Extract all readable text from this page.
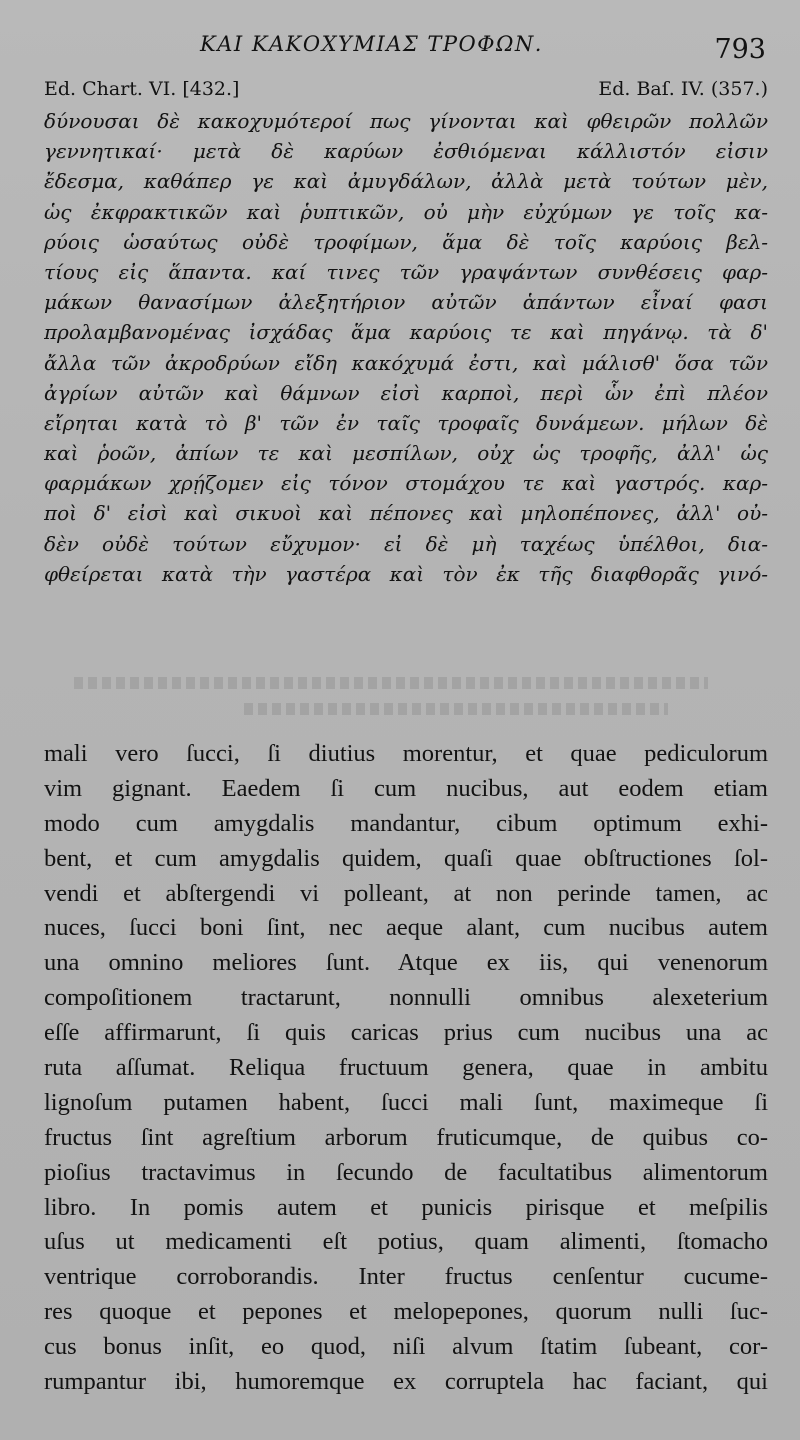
ΚΑΙ ΚΑΚΟΧΥΜΙΑΣ ΤΡΟΦΩΝ.	793
Ed. Chart. VI. [432.]	Ed. Baſ. IV. (357.)
δύνουσαι δὲ κακοχυμότεροί πως γίνονται καὶ φθειρῶν πολλῶν
γεννητικαί· μετὰ δὲ καρύων ἐσθιόμεναι κάλλιστόν εἰσιν
ἔδεσμα, καθάπερ γε καὶ ἀμυγδάλων, ἀλλὰ μετὰ τούτων μὲν,
ὡς ἐκφρακτικῶν καὶ ῥυπτικῶν, οὐ μὴν εὐχύμων γε τοῖς κα-
ρύοις ὡσαύτως οὐδὲ τροφίμων, ἅμα δὲ τοῖς καρύοις βελ-
τίους εἰς ἅπαντα. καί τινες τῶν γραψάντων συνθέσεις φαρ-
μάκων θανασίμων ἀλεξητήριον αὐτῶν ἁπάντων εἶναί φασι
προλαμβανομένας ἰσχάδας ἅμα καρύοις τε καὶ πηγάνῳ. τὰ δ'
ἄλλα τῶν ἀκροδρύων εἴδη κακόχυμά ἐστι, καὶ μάλισθ' ὅσα τῶν
ἀγρίων αὐτῶν καὶ θάμνων εἰσὶ καρποὶ, περὶ ὧν ἐπὶ πλέον
εἴρηται κατὰ τὸ β' τῶν ἐν ταῖς τροφαῖς δυνάμεων. μήλων δὲ
καὶ ῥοῶν, ἀπίων τε καὶ μεσπίλων, οὐχ ὡς τροφῆς, ἀλλ' ὡς
φαρμάκων χρῄζομεν εἰς τόνον στομάχου τε καὶ γαστρός. καρ-
ποὶ δ' εἰσὶ καὶ σικυοὶ καὶ πέπονες καὶ μηλοπέπονες, ἀλλ' οὐ-
δὲν οὐδὲ τούτων εὔχυμον· εἰ δὲ μὴ ταχέως ὑπέλθοι, δια-
φθείρεται κατὰ τὴν γαστέρα καὶ τὸν ἐκ τῆς διαφθορᾶς γινό-
mali vero ſucci, ſi diutius morentur, et quae pediculorum
vim gignant. Eaedem ſi cum nucibus, aut eodem etiam
modo cum amygdalis mandantur, cibum optimum exhi-
bent, et cum amygdalis quidem, quaſi quae obſtructiones ſol-
vendi et abſtergendi vi polleant, at non perinde tamen, ac
nuces, ſucci boni ſint, nec aeque alant, cum nucibus autem
una omnino meliores ſunt. Atque ex iis, qui venenorum
compoſitionem tractarunt, nonnulli omnibus alexeterium
eſſe affirmarunt, ſi quis caricas prius cum nucibus una ac
ruta aſſumat. Reliqua fructuum genera, quae in ambitu
lignoſum putamen habent, ſucci mali ſunt, maximeque ſi
fructus ſint agreſtium arborum fruticumque, de quibus co-
pioſius tractavimus in ſecundo de facultatibus alimentorum
libro. In pomis autem et punicis pirisque et meſpilis
uſus ut medicamenti eſt potius, quam alimenti, ſtomacho
ventrique corroborandis. Inter fructus cenſentur cucume-
res quoque et pepones et melopepones, quorum nulli ſuc-
cus bonus inſit, eo quod, niſi alvum ſtatim ſubeant, cor-
rumpantur ibi, humoremque ex corruptela hac faciant, qui
